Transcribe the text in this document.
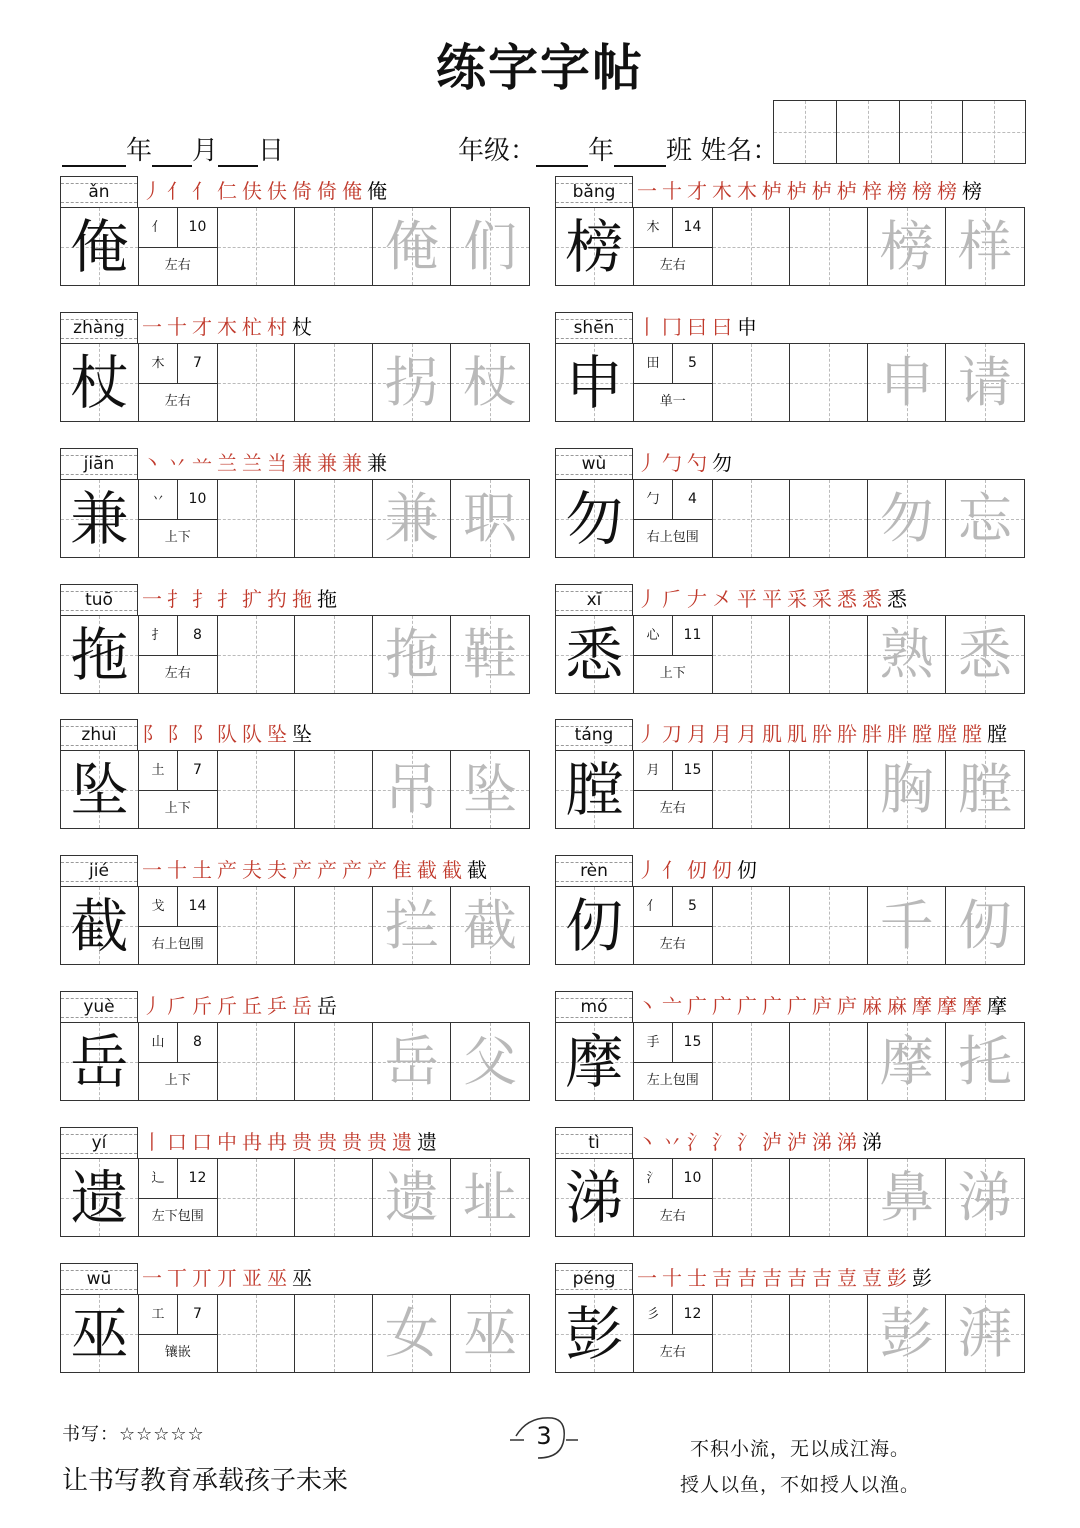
练字字帖
年 月 日	年级： 年 班 姓名：
ǎn	丿 亻 亻 仁 伕 伕 倚 倚 俺 俺
俺	亻	10
左右	俺 们
bǎng	一 十 才 木 木 栌 栌 栌 栌 梓 榜 榜 榜 榜
榜	木	14
左右	榜 样
zhàng 一 十 才 木 杧 村 杖
杖	木	7
左右	拐 杖
shēn	丨 冂 曰 曰 申
申	田	5
单一	申 请
jiān	丶 丷 䒑 兰 兰 当 兼 兼 兼 兼
兼	丷	10
上下	兼 职
wù	丿 勹 勺 勿
勿	勹	4
右上包围	勿 忘
tuō	一 扌 扌 扌 扩 扚 拖 拖
拖	扌	8
左右	拖 鞋
xī	丿 𠂆 𠂇 㐅 平 平 采 采 悉 悉 悉
悉	心	11
上下	熟 悉
zhuì	阝 阝 阝 队 队 坠 坠
坠	土	7
上下	吊 坠
táng	丿 刀 月 月 月 肌 肌 肸 肸 胖 胖 膛 膛 膛 膛
膛	月	15
左右	胸 膛
jié	一 十 土 产 夫 夫 产 产 产 产 隹 截 截 截
截	戈	14
右上包围	拦 截
rèn	丿 亻 仞 仞 仞
仞	亻	5
左右	千 仞
yuè	丿 𠂆 斤 斤 丘 乒 岳 岳
岳	山	8
上下	岳 父
mó	丶 亠 广 广 广 广 广 庐 庐 麻 麻 摩 摩 摩 摩
摩	手	15
左上包围	摩 托
yí	丨 口 口 中 冉 冉 贵 贵 贵 贵 遗 遗
遗	辶	12
左下包围	遗 址
tì	丶 丷 氵 氵 氵 泸 泸 涕 涕 涕
涕	氵	10
左右	鼻 涕
wū	一 丅 丌 丌 亚 巫 巫
巫	工	7
镶嵌	女 巫
péng	一 十 士 吉 吉 吉 吉 吉 壴 壴 彭 彭
彭	彡	12
左右	彭 湃
书写：☆☆☆☆☆
让书写教育承载孩子未来
3	不积小流，无以成江海。
授人以鱼，不如授人以渔。
